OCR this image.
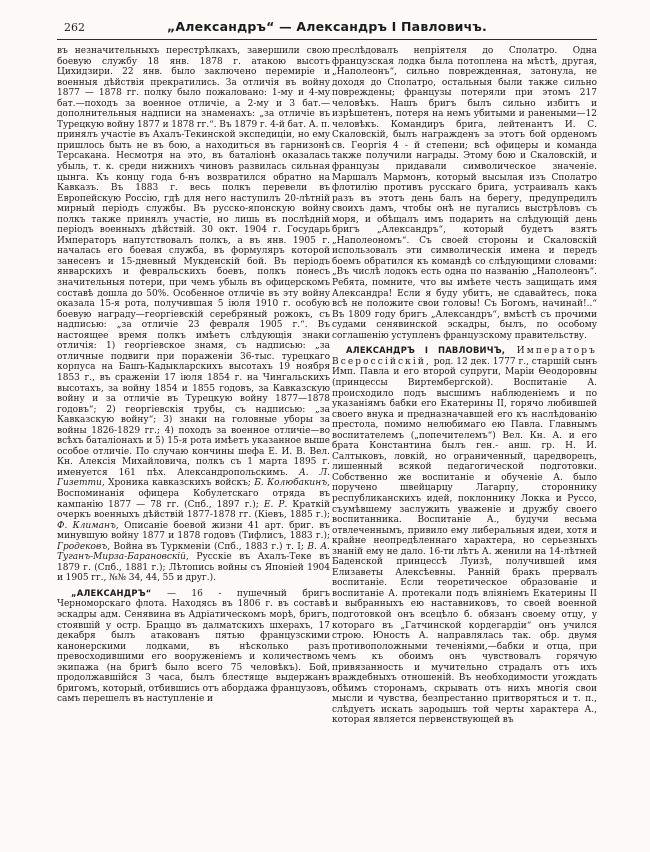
262	„Александръ“ — Александръ I Павловичъ.

въ незначительныхъ перестрѣлкахъ, завершили свою боевую службу 18 янв. 1878 г. атакою высотъ Цихидзири. 22 янв. было заключено перемиріе и военныя дѣйствія прекратились. За отличія въ войну 1877 — 1878 гг. полку было пожаловано: 1-му и 4-му бат.—походъ за военное отличіе, а 2-му и 3 бат.—дополнительныя надписи на знаменахъ: „за отличіе въ Турецкую войну 1877 и 1878 гг.“. Въ 1879 г. 4-й бат. А. п. принялъ участіе въ Ахалъ-Текинской экспедиціи, но ему пришлось быть не въ бою, а находиться въ гарнизонѣ Терсакана. Несмотря на это, въ баталіонѣ оказалась убыль, т. к. среди нижнихъ чиновъ развилась сильная цынга. Къ концу года б-нъ возвратился обратно на Кавказъ. Въ 1883 г. весь полкъ перевели въ Европейскую Россію, гдѣ для него наступилъ 20-лѣтній мирный періодъ службы. Въ русско-японскую войну полкъ также принялъ участіе, но лишь въ послѣдній періодъ военныхъ дѣйствій. 30 окт. 1904 г. Государь Императоръ напутствовалъ полкъ, а въ янв. 1905 г. началась его боевая служба, въ формуляръ которой занесенъ и 15-дневный Мукденскій бой. Въ періодъ январскихъ и февральскихъ боевъ, полкъ понесъ значительныя потери, при чемъ убыль въ офицерскомъ составѣ дошла до 50%. Особенное отличіе въ эту войну оказала 15-я рота, получившая 5 іюля 1910 г. особую боевую награду—георгіевскій серебряный рожокъ, съ надписью: „за отличіе 23 февраля 1905 г.“. Въ настоящее время полкъ имѣетъ слѣдующія знаки отличія: 1) георгіевское знамя, съ надписью: „за отличные подвиги при пораженіи 36-тыс. турецкаго корпуса на Башъ-Кадыкларскихъ высотахъ 19 ноября 1853 г., въ сраженіи 17 іюля 1854 г. на Чингальскихъ высотахъ, за войну 1854 и 1855 годовъ, за Кавказскую войну и за отличіе въ Турецкую войну 1877—1878 годовъ“; 2) георгіевскія трубы, съ надписью: „за Кавказскую войну“; 3) знаки на головные уборы за войны 1826-1829 гг.; 4) походъ за военное отличіе—во всѣхъ баталіонахъ и 5) 15-я рота имѣетъ указанное выше особое отличіе. По случаю кончины шефа Е. И. В. Вел. Кн. Алексія Михайловича, полкъ съ 1 марта 1895 г. именуется 161 пѣх. Александропольскимъ. А. Л. Гизетти, Хроника кавказскихъ войскъ; Б. Колюбакинъ, Воспоминанія офицера Кобулетскаго отряда въ кампанію 1877 — 78 гг. (Спб., 1897 г.); Е. Р. Краткій очеркъ военныхъ дѣйствій 1877-1878 гг. (Кіевъ, 1885 г.); Ф. Климанъ, Описаніе боевой жизни 41 арт. бриг. въ минувшую войну 1877 и 1878 годовъ (Тифлисъ, 1883 г.); Гродековъ, Война въ Туркменіи (Спб., 1883 г.) т. I; В. А. Туганъ-Мирза-Барановскій, Русскіе въ Ахалъ-Теке въ 1879 г. (Спб., 1881 г.); Лѣтопись войны съ Японіей 1904 и 1905 гг., №№ 34, 44, 55 и друг.).

„АЛЕКСАНДРЪ“ — 16 - пушечный бригъ Черноморскаго флота. Находясь въ 1806 г. въ составѣ эскадры адм. Сенявина въ Адріатическомъ морѣ, бригъ, стоявшій у остр. Браццо въ далматскихъ шхерахъ, 17 декабря былъ атакованъ пятью французскими канонерскими лодками, въ нѣсколько разъ превосходившими его вооруженіемъ и количествомъ экипажа (на бригѣ было всего 75 человѣкъ). Бой, продолжавшійся 3 часа, былъ блестяще выдержанъ бригомъ, который, отбившись отъ абордажа французовъ, самъ перешелъ въ наступленіе и

преслѣдовалъ непріятеля до Сполатро. Одна французская лодка была потоплена на мѣстѣ, другая, „Наполеонъ“, сильно поврежденная, затонула, не доходя до Сполатро, остальныя были также сильно повреждены; французы потеряли при этомъ 217 человѣкъ. Нашъ бригъ былъ сильно избитъ и изрѣшетенъ, потеря на немъ убитыми и ранеными—12 человѣкъ. Командиръ брига, лейтенантъ И. С. Скаловскій, былъ награжденъ за этотъ бой орденомъ св. Георгія 4 - й степени; всѣ офицеры и команда также получили награды. Этому бою и Скаловскій, и французы придавали символическое значеніе. Маршалъ Мармонъ, который высылая изъ Сполатро флотилію противъ русскаго брига, устраивалъ какъ разъ въ этотъ день балъ на берегу, предупредилъ своихъ дамъ, чтобы онѣ не пугались выстрѣловъ съ моря, и обѣщалъ имъ подарить на слѣдующій день бригъ „Александръ“, который будетъ взятъ „Наполеономъ“. Съ своей стороны и Скаловскій использовалъ эти символическія имена и передъ боемъ обратился къ командѣ со слѣдующими словами: „Въ числѣ лодокъ есть одна по названію „Наполеонъ“. Ребята, помните, что вы имѣете честь защищать имя Александра! Если я буду убитъ, не сдавайтесь, пока всѣ не положите свои головы! Съ Богомъ, начинай!..“ Въ 1809 году бригъ „Александръ“, вмѣстѣ съ прочими судами сенявинской эскадры, былъ, по особому соглашенію уступленъ французскому правительству.

АЛЕКСАНДРЪ I ПАВЛОВИЧЪ, Императоръ Всероссійскій, род. 12 дек. 1777 г., старшій сынъ Имп. Павла и его второй супруги, Маріи Ѳеодоровны (принцессы Виртембергской). Воспитаніе А. происходило подъ высшимъ наблюденіемъ и по указаніямъ бабки его Екатерины II, горячо любившей своего внука и предназначавшей его къ наслѣдованію престола, помимо нелюбимаго ею Павла. Главнымъ воспитателемъ („попечителемъ“) Вел. Кн. А. и его брата Константина былъ ген.- анш. гр. Н. И. Салтыковъ, ловкій, но ограниченный, царедворецъ, лишенный всякой педагогической подготовки. Собственно же воспитаніе и обученіе А. было поручено швейцарцу Лагарпу, стороннику республиканскихъ идей, поклоннику Локка и Руссо, съумѣвшему заслужить уваженіе и дружбу своего воспитанника. Воспитаніе А., будучи весьма отвлеченнымъ, привило ему либеральныя идеи, хотя и крайне неопредѣленнаго характера, но серьезныхъ знаній ему не дало. 16-ти лѣтъ А. женили на 14-лѣтней Баденской принцессѣ Луизѣ, получившей имя Елизаветы Алексѣевны. Ранній бракъ прервалъ воспитаніе. Если теоретическое образованіе и воспитаніе А. протекали подъ вліяніемъ Екатерины II и выбранныхъ ею наставниковъ, то своей военной подготовкой онъ всецѣло б. обязанъ своему отцу, у котораго въ „Гатчинской кордегардіи“ онъ учился строю. Юность А. направлялась так. обр. двумя противоположными теченіями,—бабки и отца, при чемъ къ обоимъ онъ чувствовалъ горячую привязанность и мучительно страдалъ отъ ихъ враждебныхъ отношеній. Въ необходимости угождать обѣимъ сторонамъ, скрывать отъ нихъ многія свои мысли и чувства, безпрестанно притворяться и т. п., слѣдуетъ искать зародышъ той черты характера А., которая является первенствующей въ
